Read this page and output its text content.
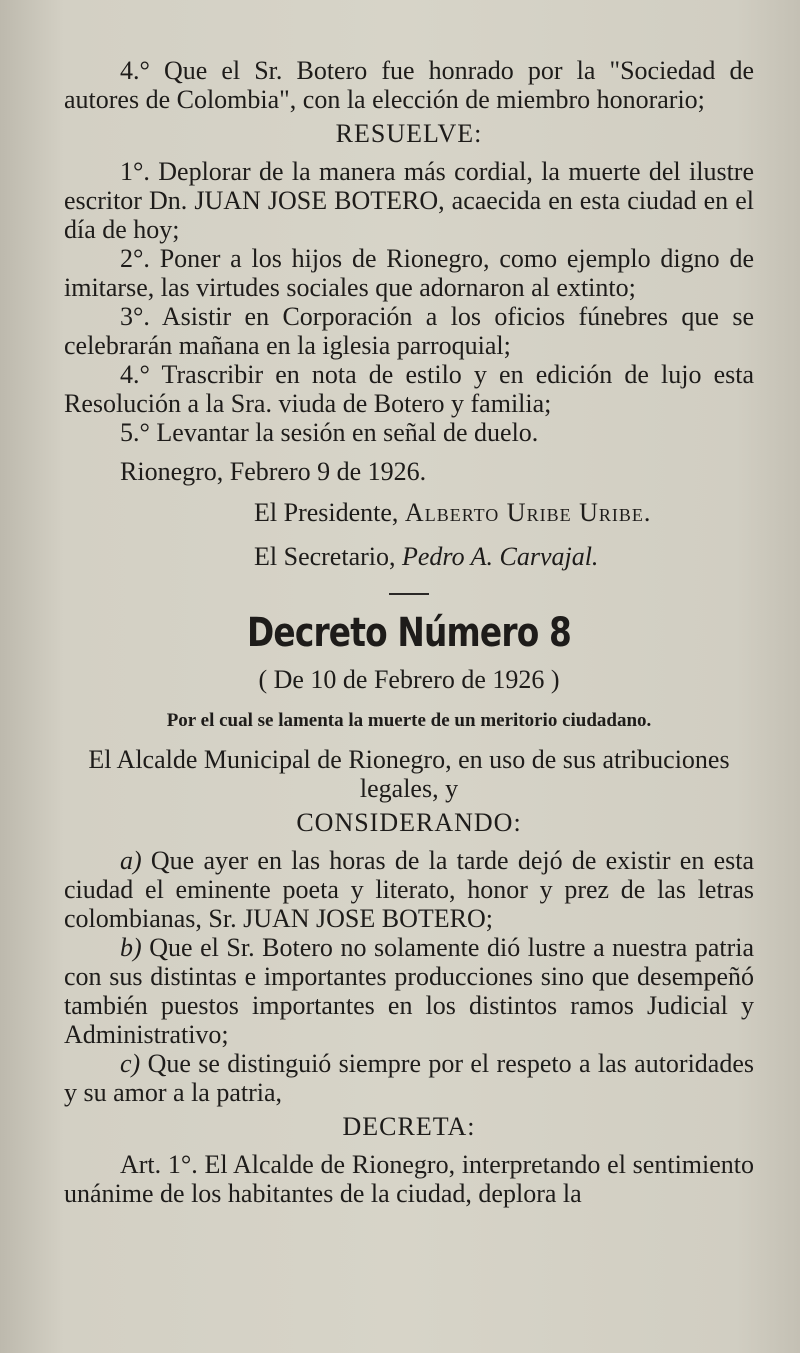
4.° Que el Sr. Botero fue honrado por la "Sociedad de autores de Colombia", con la elección de miembro honorario;

RESUELVE:

1°. Deplorar de la manera más cordial, la muerte del ilustre escritor Dn. JUAN JOSE BOTERO, acaecida en esta ciudad en el día de hoy;

2°. Poner a los hijos de Rionegro, como ejemplo digno de imitarse, las virtudes sociales que adornaron al extinto;

3°. Asistir en Corporación a los oficios fúnebres que se celebrarán mañana en la iglesia parroquial;

4.° Trascribir en nota de estilo y en edición de lujo esta Resolución a la Sra. viuda de Botero y familia;

5.° Levantar la sesión en señal de duelo.

Rionegro, Febrero 9 de 1926.

El Presidente, Alberto Uribe Uribe.

El Secretario, Pedro A. Carvajal.

Decreto Número 8

( De 10 de Febrero de 1926 )

Por el cual se lamenta la muerte de un meritorio ciudadano.

El Alcalde Municipal de Rionegro, en uso de sus atribuciones legales, y

CONSIDERANDO:

a) Que ayer en las horas de la tarde dejó de existir en esta ciudad el eminente poeta y literato, honor y prez de las letras colombianas, Sr. JUAN JOSE BOTERO;

b) Que el Sr. Botero no solamente dió lustre a nuestra patria con sus distintas e importantes producciones sino que desempeñó también puestos importantes en los distintos ramos Judicial y Administrativo;

c) Que se distinguió siempre por el respeto a las autoridades y su amor a la patria,

DECRETA:

Art. 1°. El Alcalde de Rionegro, interpretando el sentimiento unánime de los habitantes de la ciudad, deplora la
